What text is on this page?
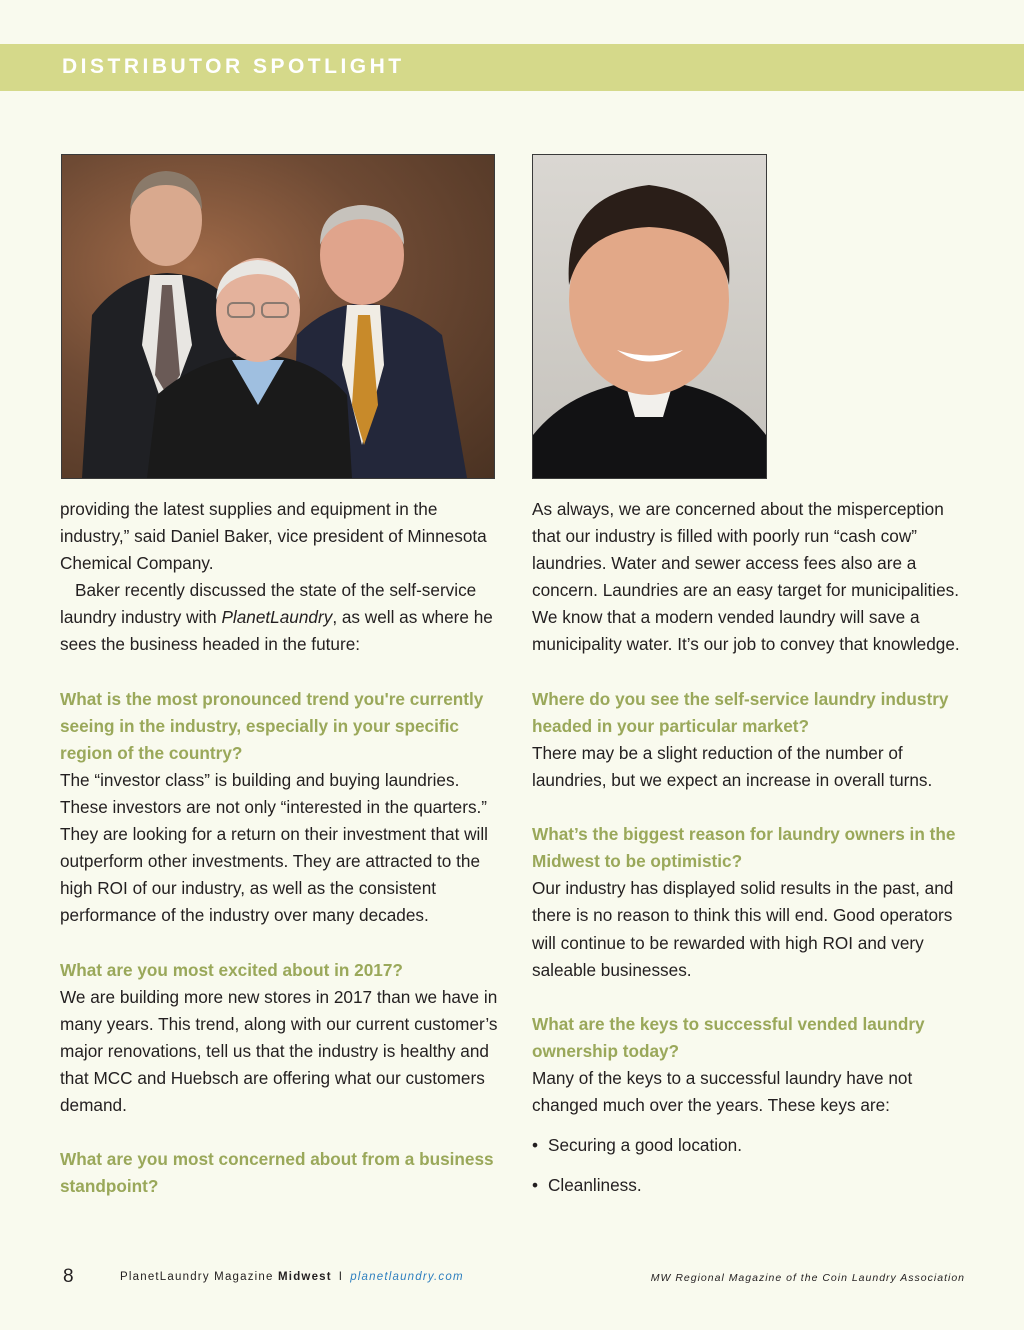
DISTRIBUTOR SPOTLIGHT

providing the latest supplies and equipment in the industry,” said Daniel Baker, vice president of Minnesota Chemical Company.

Baker recently discussed the state of the self-service laundry industry with PlanetLaundry, as well as where he sees the business headed in the future:

What is the most pronounced trend you're currently seeing in the industry, especially in your specific region of the country?

The “investor class” is building and buying laundries. These investors are not only “interested in the quarters.” They are looking for a return on their investment that will outperform other investments. They are attracted to the high ROI of our industry, as well as the consistent performance of the industry over many decades.

What are you most excited about in 2017?

We are building more new stores in 2017 than we have in many years. This trend, along with our current customer’s major renovations, tell us that the industry is healthy and that MCC and Huebsch are offering what our customers demand.

What are you most concerned about from a business standpoint?

As always, we are concerned about the misperception that our industry is filled with poorly run “cash cow” laundries. Water and sewer access fees also are a concern. Laundries are an easy target for municipalities. We know that a modern vended laundry will save a municipality water. It’s our job to convey that knowledge.

Where do you see the self-service laundry industry headed in your particular market?

There may be a slight reduction of the number of laundries, but we expect an increase in overall turns.

What’s the biggest reason for laundry owners in the Midwest to be optimistic?

Our industry has displayed solid results in the past, and there is no reason to think this will end. Good operators will continue to be rewarded with high ROI and very saleable businesses.

What are the keys to successful vended laundry ownership today?

Many of the keys to a successful laundry have not changed much over the years. These keys are:

• Securing a good location.
• Cleanliness.
8	PlanetLaundry Magazine Midwest I planetlaundry.com	MW Regional Magazine of the Coin Laundry Association
